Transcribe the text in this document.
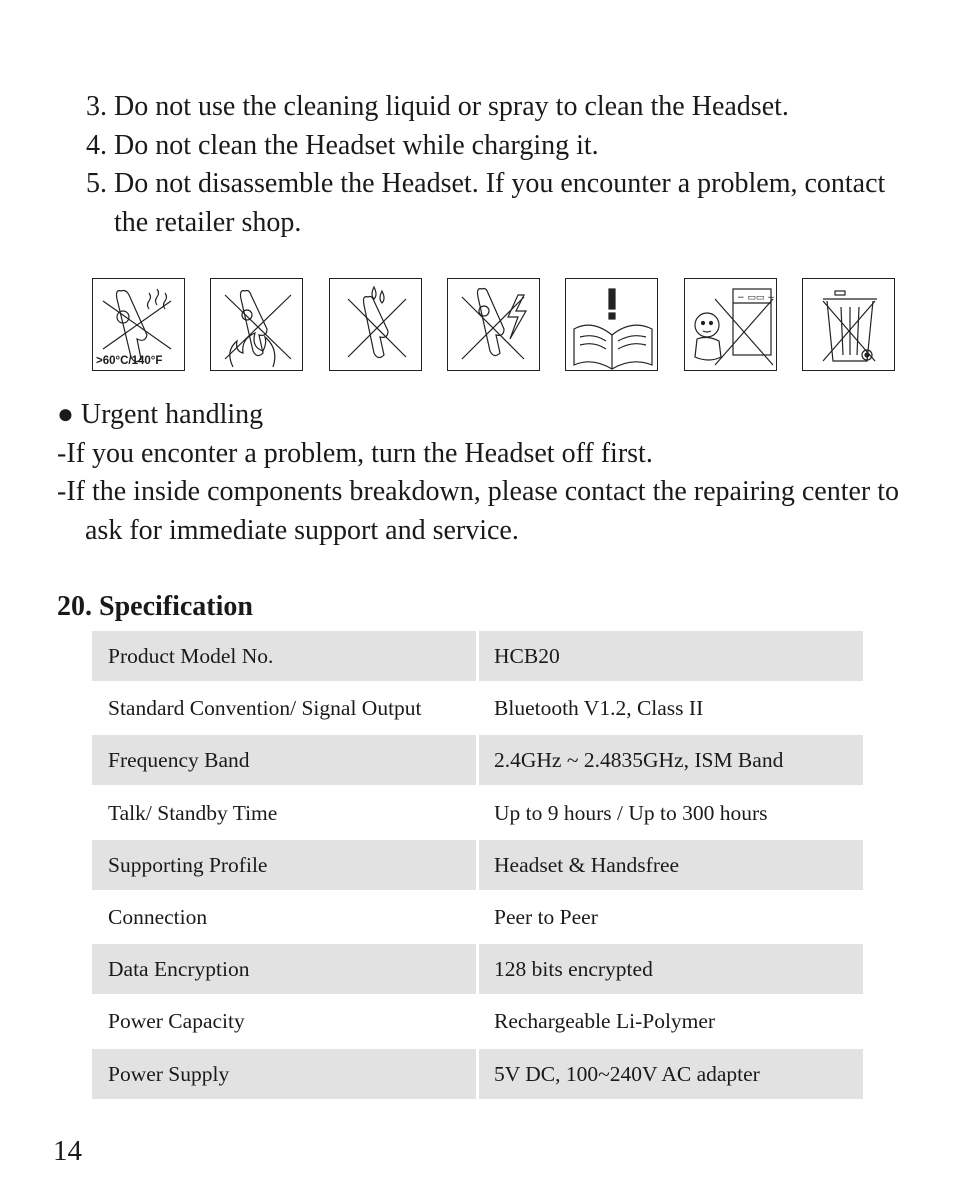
3. Do not use the cleaning liquid or spray to clean the Headset.

4. Do not clean the Headset while charging it.

5. Do not disassemble the Headset. If you encounter a problem, contact the retailer shop.

>60°C/140°F
− ▭▭ +

● Urgent handling

-If you enconter a problem, turn the Headset off first.

-If the inside components breakdown, please contact the repairing center to ask for immediate support and service.

20. Specification
Product Model No.	HCB20
Standard Convention/ Signal Output	Bluetooth V1.2, Class II
Frequency Band	2.4GHz ~ 2.4835GHz, ISM Band
Talk/ Standby Time	Up to 9 hours / Up to 300 hours
Supporting Profile	Headset & Handsfree
Connection	Peer to Peer
Data Encryption	128 bits encrypted
Power Capacity	Rechargeable Li-Polymer
Power Supply	5V DC, 100~240V AC adapter

14
